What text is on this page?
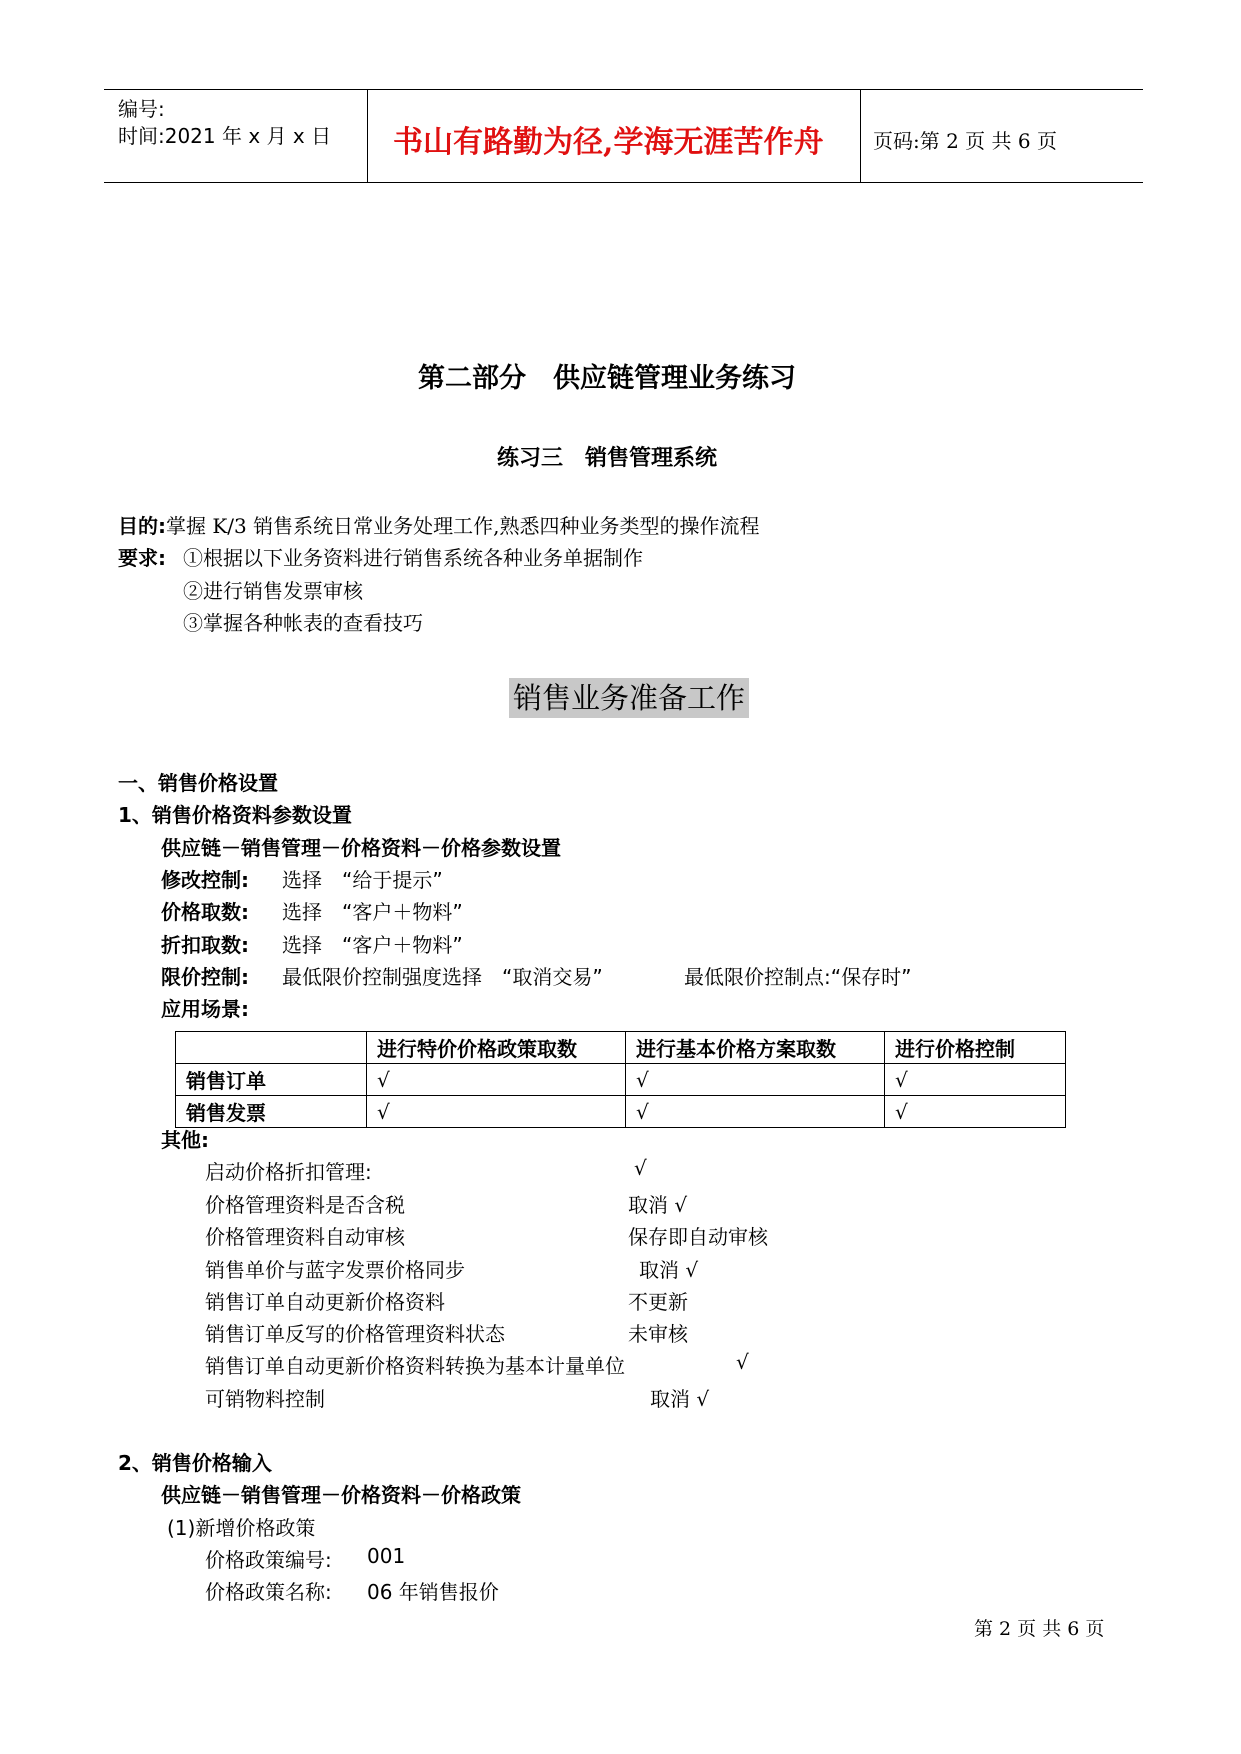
编号:
时间:2021 年 x 月 x 日 书山有路勤为径,学海无涯苦作舟 页码:第 2 页 共 6 页
第二部分　供应链管理业务练习
练习三　销售管理系统
目的:掌握 K/3 销售系统日常业务处理工作,熟悉四种业务类型的操作流程
要求: ①根据以下业务资料进行销售系统各种业务单据制作
②进行销售发票审核
③掌握各种帐表的查看技巧
销售业务准备工作
一、销售价格设置
1、销售价格资料参数设置
供应链－销售管理－价格资料－价格参数设置
修改控制: 选择　“给于提示”
价格取数: 选择　“客户＋物料”
折扣取数: 选择　“客户＋物料”
限价控制: 最低限价控制强度选择　“取消交易”	最低限价控制点:“保存时”
应用场景:
	进行特价价格政策取数	进行基本价格方案取数	进行价格控制
销售订单	√	√	√
销售发票	√	√	√
其他:
启动价格折扣管理:	√
价格管理资料是否含税	取消 √
价格管理资料自动审核	保存即自动审核
销售单价与蓝字发票价格同步	取消 √
销售订单自动更新价格资料	不更新
销售订单反写的价格管理资料状态	未审核
销售订单自动更新价格资料转换为基本计量单位	√
可销物料控制	取消 √
2、销售价格输入
供应链－销售管理－价格资料－价格政策
(1)新增价格政策
价格政策编号: 001
价格政策名称: 06 年销售报价
第 2 页 共 6 页
